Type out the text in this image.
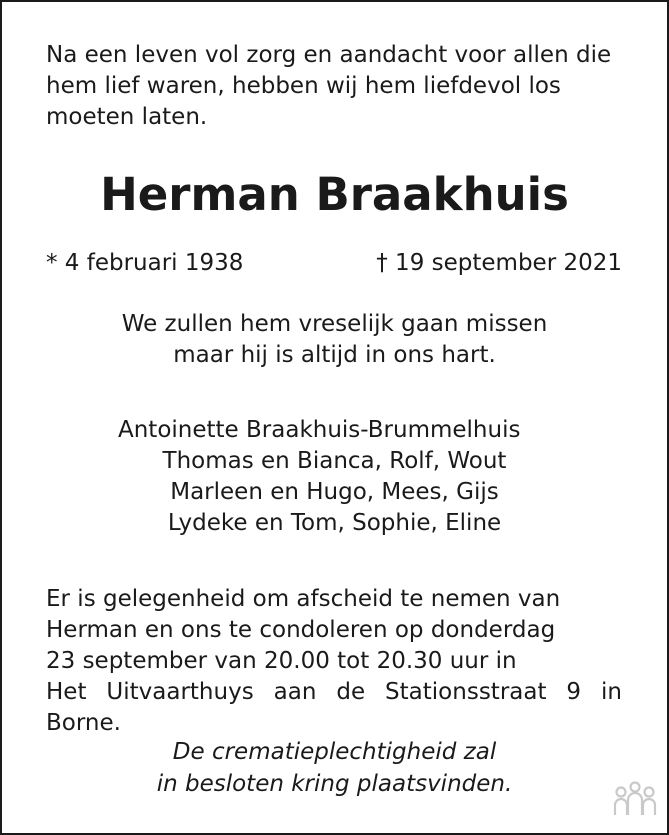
Na een leven vol zorg en aandacht voor allen die
hem lief waren, hebben wij hem liefdevol los
moeten laten.
Herman Braakhuis
* 4 februari 1938	† 19 september 2021
We zullen hem vreselijk gaan missen
maar hij is altijd in ons hart.
Antoinette Braakhuis-Brummelhuis
Thomas en Bianca, Rolf, Wout
Marleen en Hugo, Mees, Gijs
Lydeke en Tom, Sophie, Eline
Er is gelegenheid om afscheid te nemen van
Herman en ons te condoleren op donderdag
23 september van 20.00 tot 20.30 uur in
Het Uitvaarthuys aan de Stationsstraat 9 in Borne.
De crematieplechtigheid zal
in besloten kring plaatsvinden.
